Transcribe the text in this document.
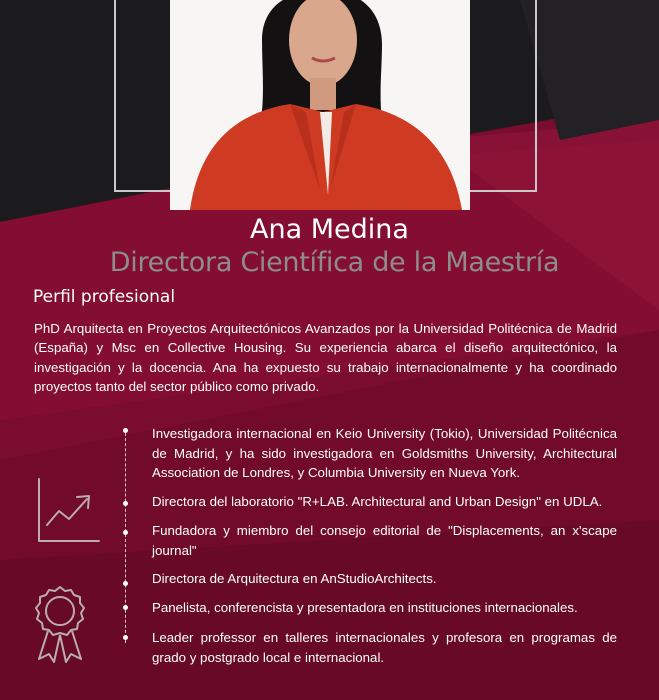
Ana Medina
Directora Científica de la Maestría
Perfil profesional
PhD Arquitecta en Proyectos Arquitectónicos Avanzados por la Universidad Politécnica de Madrid (España) y Msc en Collective Housing. Su experiencia abarca el diseño arquitectónico, la investigación y la docencia. Ana ha expuesto su trabajo internacionalmente y ha coordinado proyectos tanto del sector público como privado.
Investigadora internacional en Keio University (Tokio), Universidad Politécnica de Madrid, y ha sido investigadora en Goldsmiths University, Architectural Association de Londres, y Columbia University en Nueva York.
Directora del laboratorio "R+LAB. Architectural and Urban Design" en UDLA.
Fundadora y miembro del consejo editorial de "Displacements, an x'scape journal"
Directora de Arquitectura en AnStudioArchitects.
Panelista, conferencista y presentadora en instituciones internacionales.
Leader professor en talleres internacionales y profesora en programas de grado y postgrado local e internacional.
